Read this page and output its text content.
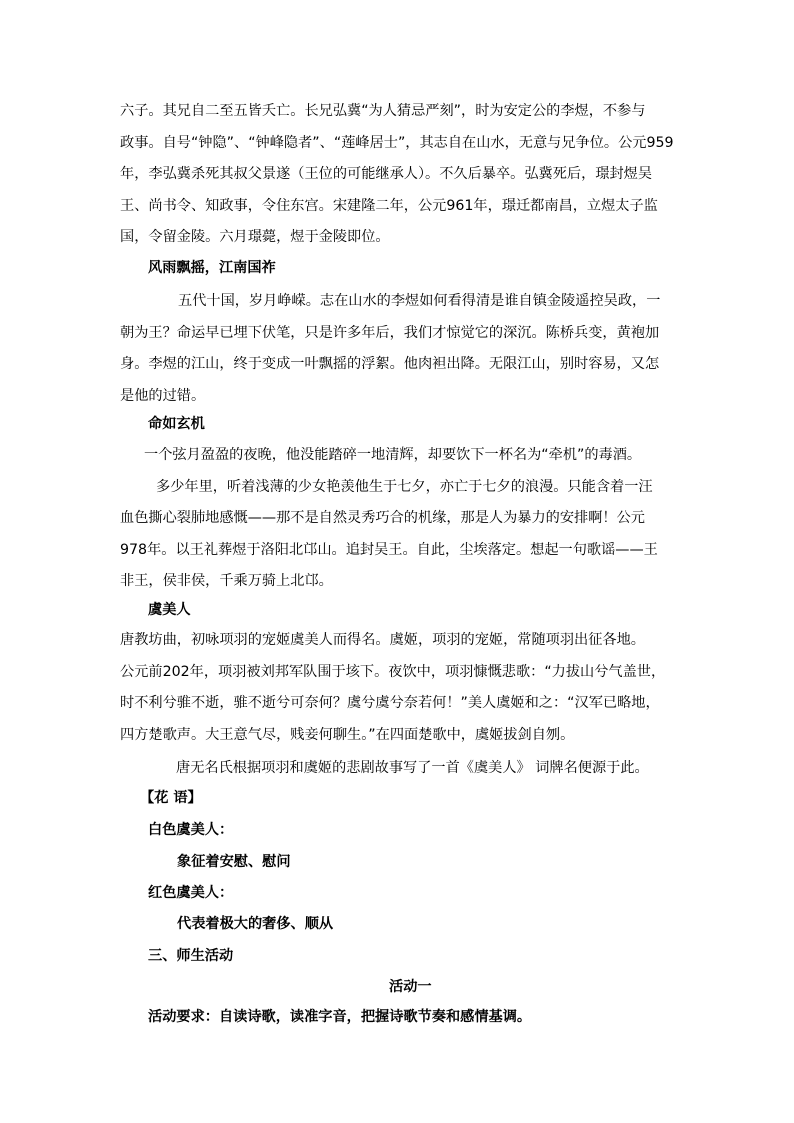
六子。其兄自二至五皆夭亡。长兄弘冀“为人猜忌严刻”，时为安定公的李煜，不参与
政事。自号“钟隐”、“钟峰隐者”、“莲峰居士”，其志自在山水，无意与兄争位。公元959
年，李弘冀杀死其叔父景遂（王位的可能继承人）。不久后暴卒。弘冀死后，璟封煜吴
王、尚书令、知政事，令住东宫。宋建隆二年，公元961年，璟迁都南昌，立煜太子监
国，令留金陵。六月璟薨，煜于金陵即位。

风雨飘摇，江南国祚

五代十国，岁月峥嵘。志在山水的李煜如何看得清是谁自镇金陵遥控吴政，一
朝为王？命运早已埋下伏笔，只是许多年后，我们才惊觉它的深沉。陈桥兵变，黄袍加
身。李煜的江山，终于变成一叶飘摇的浮絮。他肉袒出降。无限江山，别时容易，又怎
是他的过错。

命如玄机

一个弦月盈盈的夜晚，他没能踏碎一地清辉，却要饮下一杯名为“牵机”的毒酒。
多少年里，听着浅薄的少女艳羡他生于七夕，亦亡于七夕的浪漫。只能含着一汪
血色撕心裂肺地感慨——那不是自然灵秀巧合的机缘，那是人为暴力的安排啊！公元
978年。以王礼葬煜于洛阳北邙山。追封吴王。自此，尘埃落定。想起一句歌谣——王
非王，侯非侯，千乘万骑上北邙。

虞美人

唐教坊曲，初咏项羽的宠姬虞美人而得名。虞姬，项羽的宠姬，常随项羽出征各地。
公元前202年，项羽被刘邦军队围于垓下。夜饮中，项羽慷慨悲歌：“力拔山兮气盖世，
时不利兮骓不逝，骓不逝兮可奈何？虞兮虞兮奈若何！”美人虞姬和之：“汉军已略地，
四方楚歌声。大王意气尽，贱妾何聊生。”在四面楚歌中，虞姬拔剑自刎。

唐无名氏根据项羽和虞姬的悲剧故事写了一首《虞美人》 词牌名便源于此。

【花 语】
白色虞美人：
象征着安慰、慰问
红色虞美人：
代表着极大的奢侈、顺从
三、师生活动
活动一
活动要求：自读诗歌，读准字音，把握诗歌节奏和感情基调。
